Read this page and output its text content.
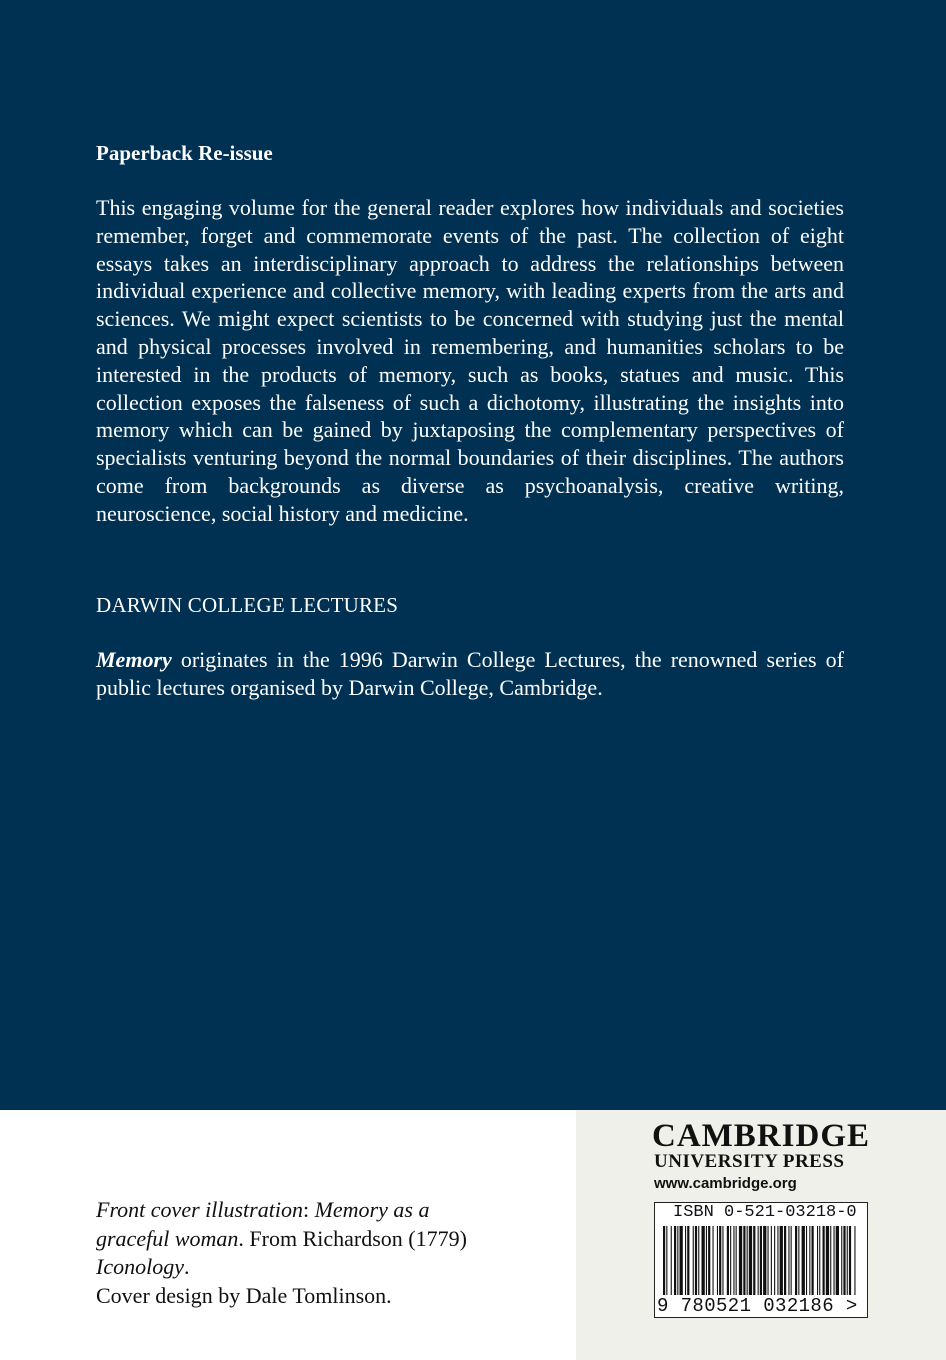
Paperback Re-issue
This engaging volume for the general reader explores how individuals and societies remember, forget and commemorate events of the past. The collection of eight essays takes an interdisciplinary approach to address the relationships between individual experience and collective memory, with leading experts from the arts and sciences. We might expect scientists to be concerned with studying just the mental and physical processes involved in remembering, and humanities scholars to be interested in the products of memory, such as books, statues and music. This collection exposes the falseness of such a dichotomy, illustrating the insights into memory which can be gained by juxtaposing the complementary perspectives of specialists venturing beyond the normal boundaries of their disciplines. The authors come from backgrounds as diverse as psychoanalysis, creative writing, neuroscience, social history and medicine.
DARWIN COLLEGE LECTURES
Memory originates in the 1996 Darwin College Lectures, the renowned series of public lectures organised by Darwin College, Cambridge.
Front cover illustration: Memory as a graceful woman. From Richardson (1779) Iconology.
Cover design by Dale Tomlinson.
CAMBRIDGE
UNIVERSITY PRESS
www.cambridge.org
ISBN 0-521-03218-0
9 780521 032186 >
